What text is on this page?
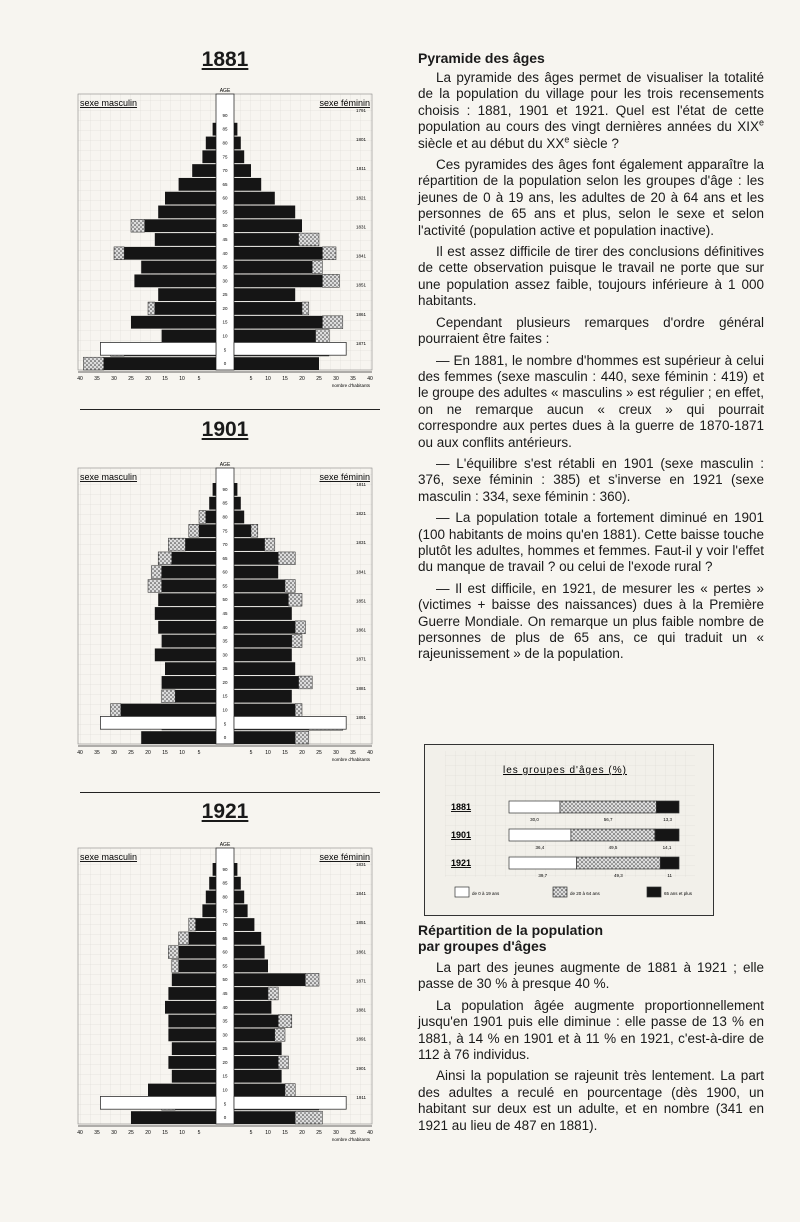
1881
AGE
sexe masculin	sexe féminin
90
85
80
75
70
65
60
55
50
45
40
35
30
25
20
15
10
5
0
1791
1801
1811
1821
1831
1841
1851
1861
1871
40 35 30 25 20 15 10	5	5	10 15 20 25 30 35 40
nombre d'habitants
1901
AGE
sexe masculin	sexe féminin
90
85
80
75
70
65
60
55
50
45
40
35
30
25
20
15
10
5
0
1811
1821
1831
1841
1851
1861
1871
1881
1891
40 35 30 25 20 15 10	5	5	10 15 20 25 30 35 40
nombre d'habitants
1921
AGE
sexe masculin	sexe féminin
90
85
80
75
70
65
60
55
50
45
40
35
30
25
20
15
10
5
0
1831
1841
1851
1861
1871
1881
1891
1901
1911
40 35 30 25 20 15 10	5	5	10 15 20 25 30 35 40
nombre d'habitants
Pyramide des âges

La pyramide des âges permet de visualiser la totalité de la population du village pour les trois recensements choisis : 1881, 1901 et 1921. Quel est l'état de cette population au cours des vingt dernières années du XIXe siècle et au début du XXe siècle ?

Ces pyramides des âges font également apparaître la répartition de la population selon les groupes d'âge : les jeunes de 0 à 19 ans, les adultes de 20 à 64 ans et les personnes de 65 ans et plus, selon le sexe et selon l'activité (population active et population inactive).

Il est assez difficile de tirer des conclusions définitives de cette observation puisque le travail ne porte que sur une population assez faible, toujours inférieure à 1 000 habitants.

Cependant plusieurs remarques d'ordre général pourraient être faites :

— En 1881, le nombre d'hommes est supérieur à celui des femmes (sexe masculin : 440, sexe féminin : 419) et le groupe des adultes « masculins » est régulier ; en effet, on ne remarque aucun « creux » qui pourrait correspondre aux pertes dues à la guerre de 1870-1871 ou aux conflits antérieurs.

— L'équilibre s'est rétabli en 1901 (sexe masculin : 376, sexe féminin : 385) et s'inverse en 1921 (sexe masculin : 334, sexe féminin : 360).

— La population totale a fortement diminué en 1901 (100 habitants de moins qu'en 1881). Cette baisse touche plutôt les adultes, hommes et femmes. Faut-il y voir l'effet du manque de travail ? ou celui de l'exode rural ?

— Il est difficile, en 1921, de mesurer les « pertes » (victimes + baisse des naissances) dues à la Première Guerre Mondiale. On remarque un plus faible nombre de personnes de plus de 65 ans, ce qui traduit un « rajeunissement » de la population.

les groupes d'âges (%)
1881
30,0	56,7	13,3
1901
36,4	49,5	14,1
1921
39,7	49,3	11
de 0 à 19 ans	de 20 à 64 ans	65 ans et plus
Répartition de la population
par groupes d'âges

La part des jeunes augmente de 1881 à 1921 ; elle passe de 30 % à presque 40 %.

La population âgée augmente proportionnellement jusqu'en 1901 puis elle diminue : elle passe de 13 % en 1881, à 14 % en 1901 et à 11 % en 1921, c'est-à-dire de 112 à 76 individus.

Ainsi la population se rajeunit très lentement. La part des adultes a reculé en pourcentage (dès 1900, un habitant sur deux est un adulte, et en nombre (341 en 1921 au lieu de 487 en 1881).
